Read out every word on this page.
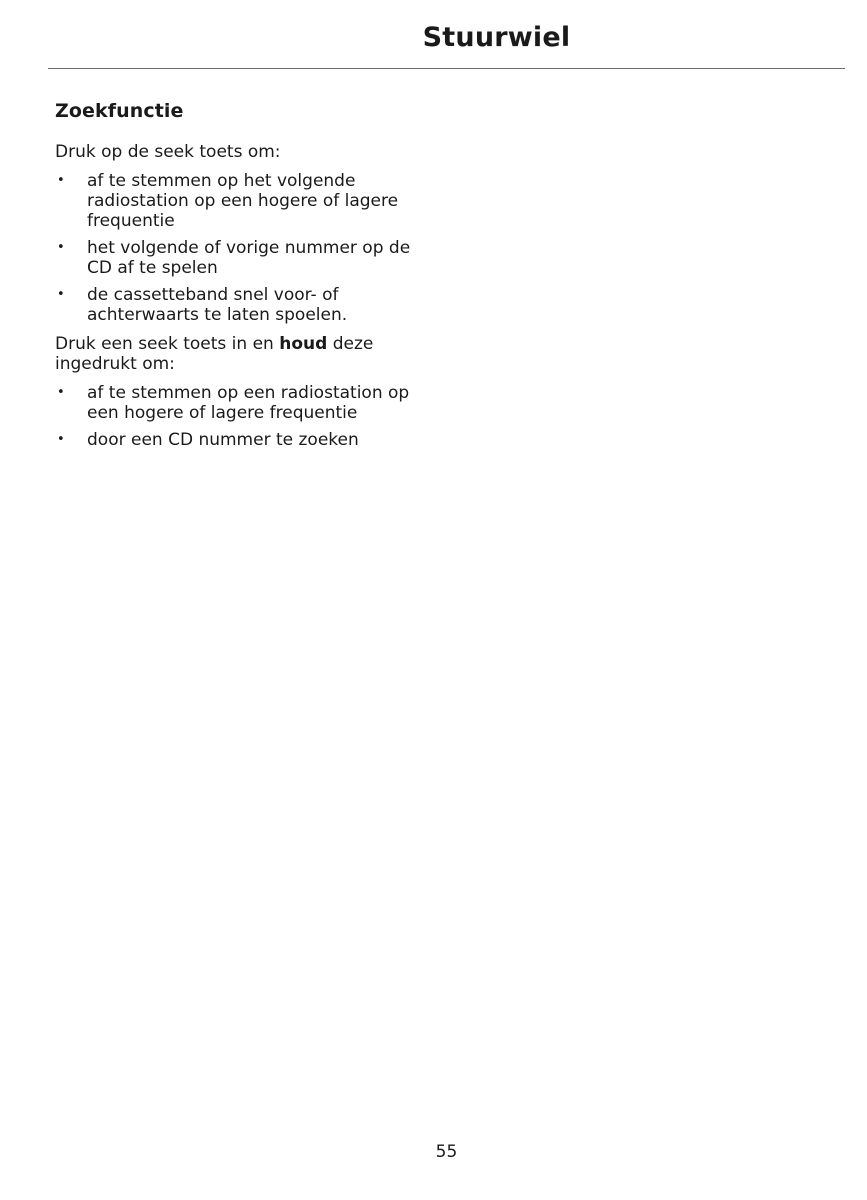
Stuurwiel
Zoekfunctie

Druk op de seek toets om:

• af te stemmen op het volgende radiostation op een hogere of lagere frequentie
• het volgende of vorige nummer op de CD af te spelen
• de cassetteband snel voor- of achterwaarts te laten spoelen.

Druk een seek toets in en houd deze ingedrukt om:

• af te stemmen op een radiostation op een hogere of lagere frequentie
• door een CD nummer te zoeken
55
